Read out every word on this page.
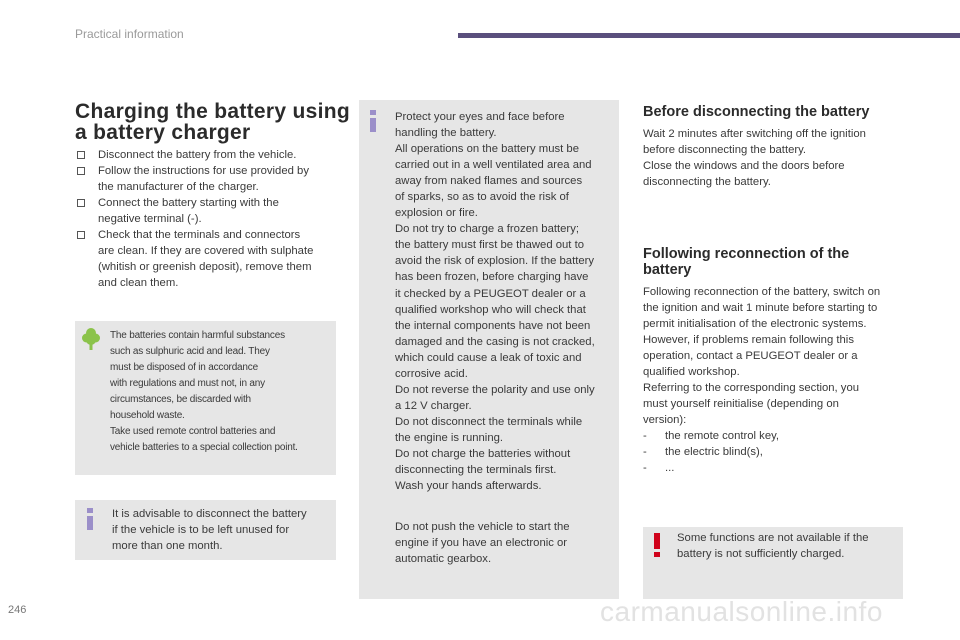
Practical information
Charging the battery using
a battery charger
Disconnect the battery from the vehicle.
Follow the instructions for use provided by
the manufacturer of the charger.
Connect the battery starting with the
negative terminal (-).
Check that the terminals and connectors
are clean. If they are covered with sulphate
(whitish or greenish deposit), remove them
and clean them.
The batteries contain harmful substances
such as sulphuric acid and lead. They
must be disposed of in accordance
with regulations and must not, in any
circumstances, be discarded with
household waste.
Take used remote control batteries and
vehicle batteries to a special collection point.
It is advisable to disconnect the battery
if the vehicle is to be left unused for
more than one month.
Protect your eyes and face before
handling the battery.
All operations on the battery must be
carried out in a well ventilated area and
away from naked flames and sources
of sparks, so as to avoid the risk of
explosion or fire.
Do not try to charge a frozen battery;
the battery must first be thawed out to
avoid the risk of explosion. If the battery
has been frozen, before charging have
it checked by a PEUGEOT dealer or a
qualified workshop who will check that
the internal components have not been
damaged and the casing is not cracked,
which could cause a leak of toxic and
corrosive acid.
Do not reverse the polarity and use only
a 12 V charger.
Do not disconnect the terminals while
the engine is running.
Do not charge the batteries without
disconnecting the terminals first.
Wash your hands afterwards.
Do not push the vehicle to start the
engine if you have an electronic or
automatic gearbox.
Before disconnecting the battery
Wait 2 minutes after switching off the ignition
before disconnecting the battery.
Close the windows and the doors before
disconnecting the battery.
Following reconnection of the
battery
Following reconnection of the battery, switch on
the ignition and wait 1 minute before starting to
permit initialisation of the electronic systems.
However, if problems remain following this
operation, contact a PEUGEOT dealer or a
qualified workshop.
Referring to the corresponding section, you
must yourself reinitialise (depending on
version):
- the remote control key,
- the electric blind(s),
- ...
Some functions are not available if the
battery is not sufficiently charged.
246	carmanualsonline.info
